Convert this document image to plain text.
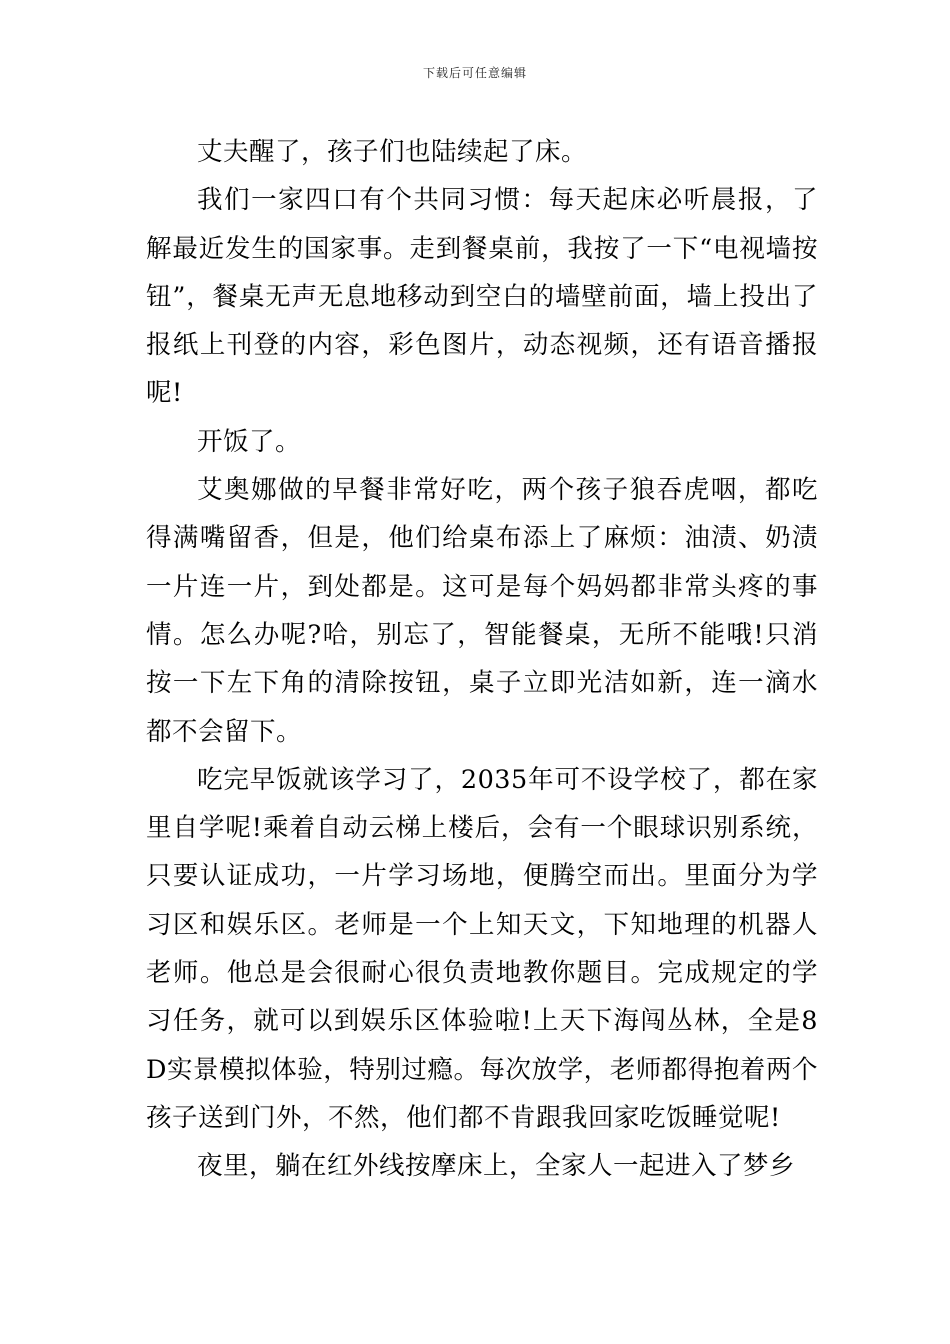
下载后可任意编辑

丈夫醒了，孩子们也陆续起了床。

我们一家四口有个共同习惯：每天起床必听晨报，了解最近发生的国家事。走到餐桌前，我按了一下“电视墙按钮”，餐桌无声无息地移动到空白的墙壁前面，墙上投出了报纸上刊登的内容，彩色图片，动态视频，还有语音播报呢!

开饭了。

艾奥娜做的早餐非常好吃，两个孩子狼吞虎咽，都吃得满嘴留香，但是，他们给桌布添上了麻烦：油渍、奶渍一片连一片，到处都是。这可是每个妈妈都非常头疼的事情。怎么办呢?哈，别忘了，智能餐桌，无所不能哦!只消按一下左下角的清除按钮，桌子立即光洁如新，连一滴水都不会留下。

吃完早饭就该学习了，2035年可不设学校了，都在家里自学呢!乘着自动云梯上楼后，会有一个眼球识别系统，只要认证成功，一片学习场地，便腾空而出。里面分为学习区和娱乐区。老师是一个上知天文，下知地理的机器人老师。他总是会很耐心很负责地教你题目。完成规定的学习任务，就可以到娱乐区体验啦!上天下海闯丛林，全是8D实景模拟体验，特别过瘾。每次放学，老师都得抱着两个孩子送到门外，不然，他们都不肯跟我回家吃饭睡觉呢!

夜里，躺在红外线按摩床上，全家人一起进入了梦乡
